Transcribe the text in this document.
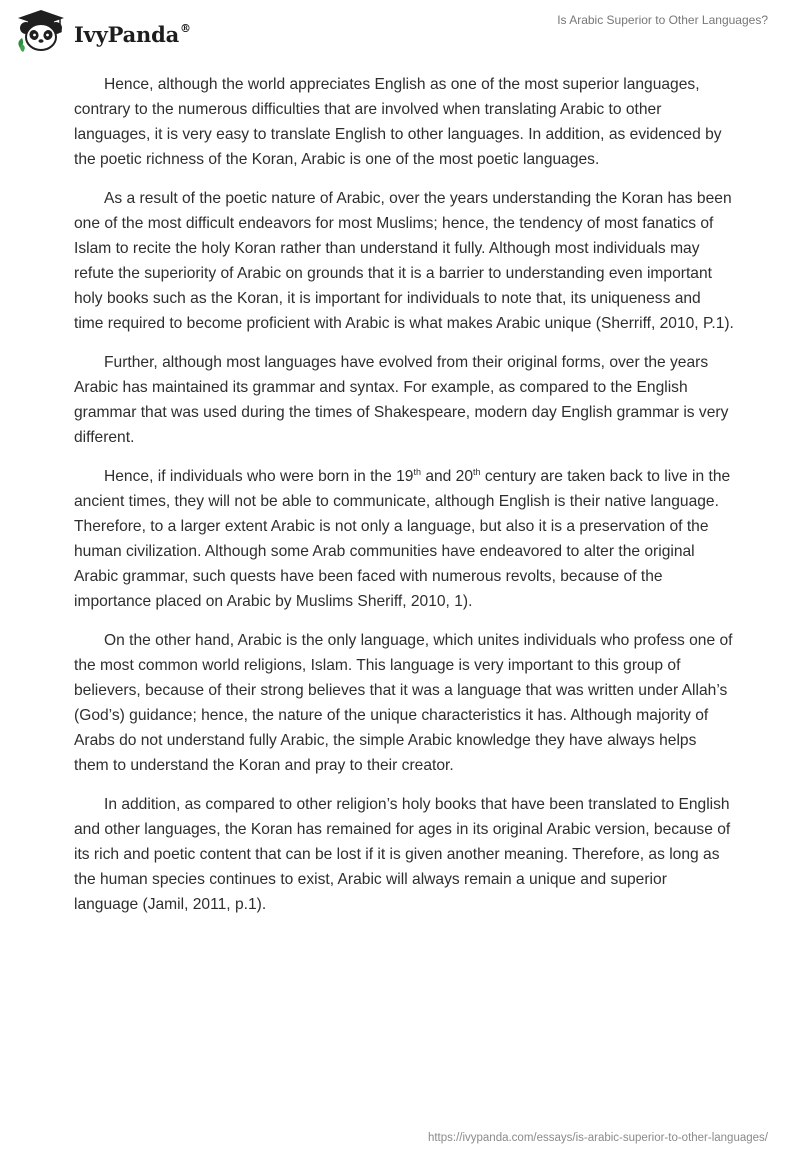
IvyPanda®
Is Arabic Superior to Other Languages?

Hence, although the world appreciates English as one of the most superior languages, contrary to the numerous difficulties that are involved when translating Arabic to other languages, it is very easy to translate English to other languages. In addition, as evidenced by the poetic richness of the Koran, Arabic is one of the most poetic languages.

As a result of the poetic nature of Arabic, over the years understanding the Koran has been one of the most difficult endeavors for most Muslims; hence, the tendency of most fanatics of Islam to recite the holy Koran rather than understand it fully. Although most individuals may refute the superiority of Arabic on grounds that it is a barrier to understanding even important holy books such as the Koran, it is important for individuals to note that, its uniqueness and time required to become proficient with Arabic is what makes Arabic unique (Sherriff, 2010, P.1).

Further, although most languages have evolved from their original forms, over the years Arabic has maintained its grammar and syntax. For example, as compared to the English grammar that was used during the times of Shakespeare, modern day English grammar is very different.

Hence, if individuals who were born in the 19th and 20th century are taken back to live in the ancient times, they will not be able to communicate, although English is their native language. Therefore, to a larger extent Arabic is not only a language, but also it is a preservation of the human civilization. Although some Arab communities have endeavored to alter the original Arabic grammar, such quests have been faced with numerous revolts, because of the importance placed on Arabic by Muslims Sheriff, 2010, 1).

On the other hand, Arabic is the only language, which unites individuals who profess one of the most common world religions, Islam. This language is very important to this group of believers, because of their strong believes that it was a language that was written under Allah’s (God’s) guidance; hence, the nature of the unique characteristics it has. Although majority of Arabs do not understand fully Arabic, the simple Arabic knowledge they have always helps them to understand the Koran and pray to their creator.

In addition, as compared to other religion’s holy books that have been translated to English and other languages, the Koran has remained for ages in its original Arabic version, because of its rich and poetic content that can be lost if it is given another meaning. Therefore, as long as the human species continues to exist, Arabic will always remain a unique and superior language (Jamil, 2011, p.1).

https://ivypanda.com/essays/is-arabic-superior-to-other-languages/
